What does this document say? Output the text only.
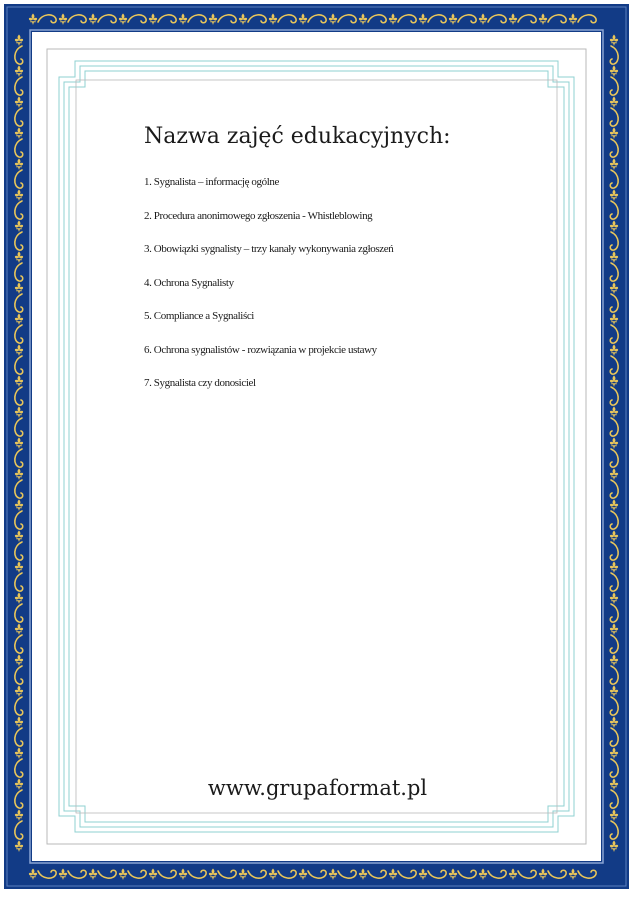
Nazwa zajęć edukacyjnych:
1. Sygnalista – informację ogólne
2. Procedura anonimowego zgłoszenia - Whistleblowing
3. Obowiązki sygnalisty – trzy kanały wykonywania zgłoszeń
4. Ochrona Sygnalisty
5. Compliance a Sygnaliści
6. Ochrona sygnalistów - rozwiązania w projekcie ustawy
7. Sygnalista czy donosiciel
www.grupaformat.pl
